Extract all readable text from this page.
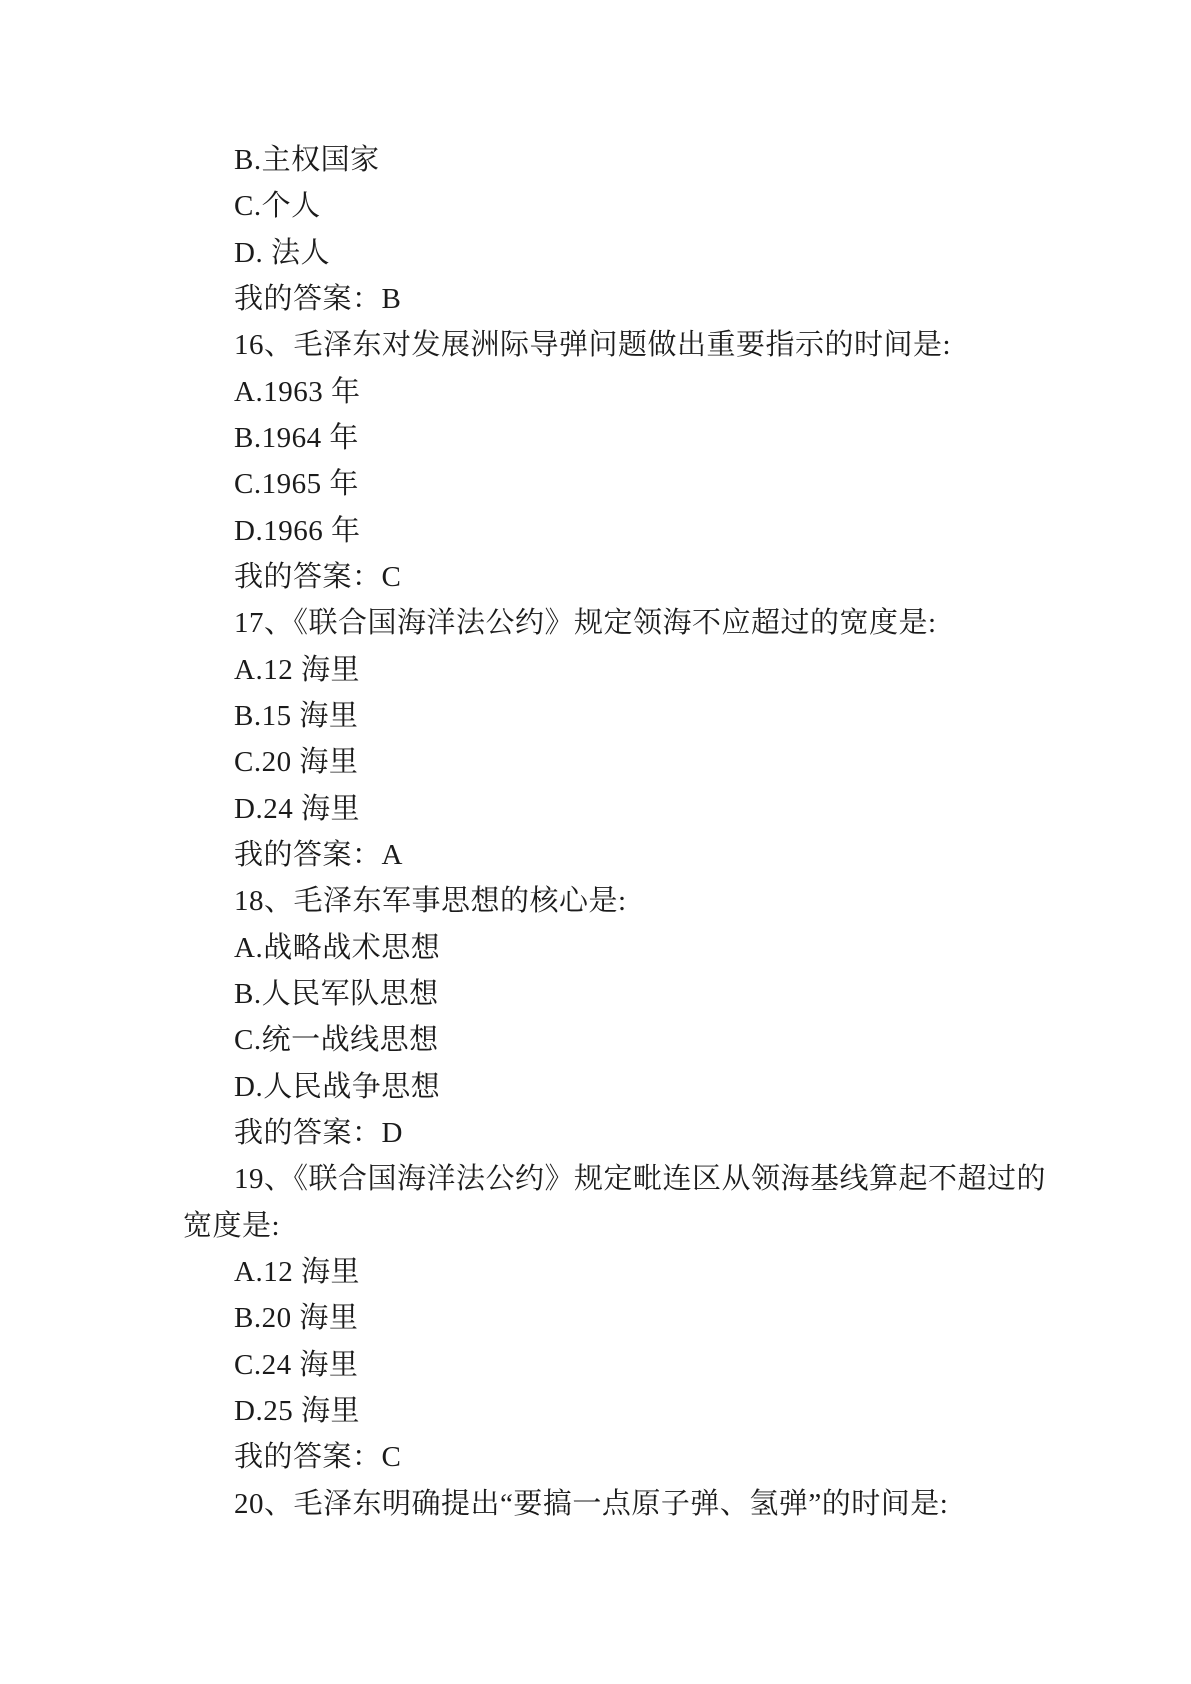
B.主权国家
C.个人
D. 法人
我的答案：B
16、毛泽东对发展洲际导弹问题做出重要指示的时间是:
A.1963 年
B.1964 年
C.1965 年
D.1966 年
我的答案：C
17、《联合国海洋法公约》规定领海不应超过的宽度是:
A.12 海里
B.15 海里
C.20 海里
D.24 海里
我的答案：A
18、毛泽东军事思想的核心是:
A.战略战术思想
B.人民军队思想
C.统一战线思想
D.人民战争思想
我的答案：D
19、《联合国海洋法公约》规定毗连区从领海基线算起不超过的
宽度是:
A.12 海里
B.20 海里
C.24 海里
D.25 海里
我的答案：C
20、毛泽东明确提出“要搞一点原子弹、氢弹”的时间是:
